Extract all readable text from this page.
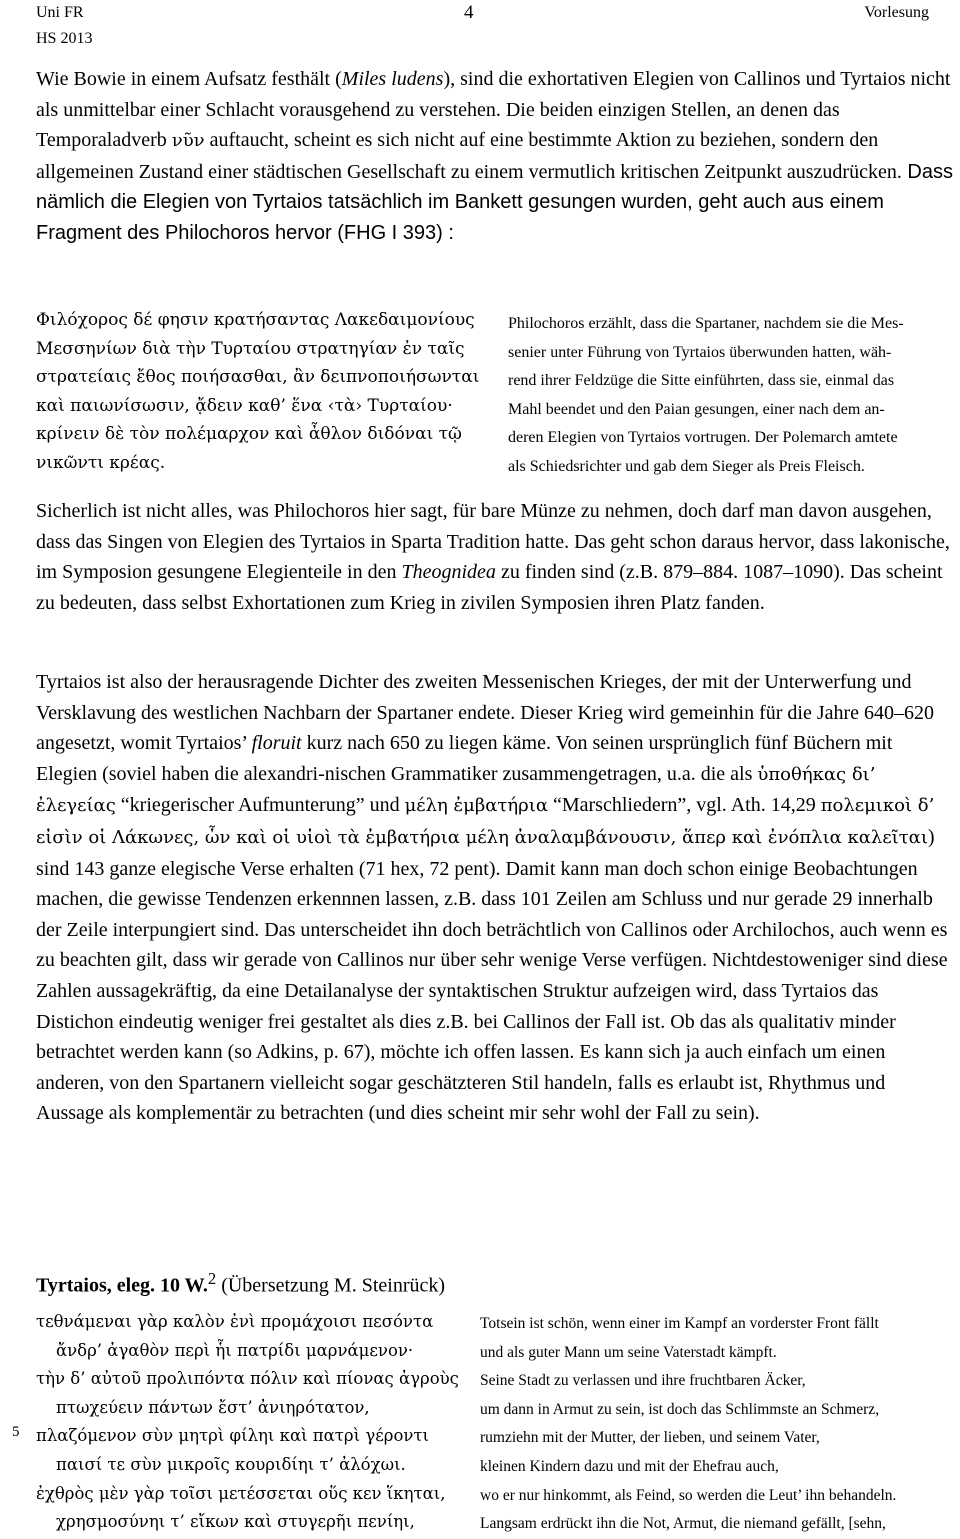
Uni FR
HS 2013
4	Vorlesung

Wie Bowie in einem Aufsatz festhält (Miles ludens), sind die exhortativen Elegien von Callinos und Tyrtaios nicht als unmittelbar einer Schlacht vorausgehend zu verstehen. Die beiden einzigen Stellen, an denen das Temporaladverb νῦν auftaucht, scheint es sich nicht auf eine bestimmte Aktion zu beziehen, sondern den allgemeinen Zustand einer städtischen Gesellschaft zu einem vermutlich kritischen Zeitpunkt auszudrücken. Dass nämlich die Elegien von Tyrtaios tatsächlich im Bankett gesungen wurden, geht auch aus einem Fragment des Philochoros hervor (FHG I 393) :

Φιλόχορος δέ φησιν κρατήσαντας Λακεδαιμονίους
Μεσσηνίων διὰ τὴν Τυρταίου στρατηγίαν ἐν ταῖς
στρατείαις ἔθος ποιήσασθαι, ἂν δειπνοποιήσωνται
καὶ παιωνίσωσιν, ᾄδειν καθ’ ἕνα ‹τὰ› Τυρταίου·
κρίνειν δὲ τὸν πολέμαρχον καὶ ἆθλον διδόναι τῷ
νικῶντι κρέας.
Philochoros erzählt, dass die Spartaner, nachdem sie die Mes-
senier unter Führung von Tyrtaios überwunden hatten, wäh-
rend ihrer Feldzüge die Sitte einführten, dass sie, einmal das
Mahl beendet und den Paian gesungen, einer nach dem an-
deren Elegien von Tyrtaios vortrugen. Der Polemarch amtete
als Schiedsrichter und gab dem Sieger als Preis Fleisch.

Sicherlich ist nicht alles, was Philochoros hier sagt, für bare Münze zu nehmen, doch darf man davon ausgehen, dass das Singen von Elegien des Tyrtaios in Sparta Tradition hatte. Das geht schon daraus hervor, dass lakonische, im Symposion gesungene Elegienteile in den Theognidea zu finden sind (z.B. 879–884. 1087–1090). Das scheint zu bedeuten, dass selbst Exhortationen zum Krieg in zivilen Symposien ihren Platz fanden.

Tyrtaios ist also der herausragende Dichter des zweiten Messenischen Krieges, der mit der Unterwerfung und Versklavung des westlichen Nachbarn der Spartaner endete. Dieser Krieg wird gemeinhin für die Jahre 640–620 angesetzt, womit Tyrtaios’ floruit kurz nach 650 zu liegen käme. Von seinen ursprünglich fünf Büchern mit Elegien (soviel haben die alexandri-nischen Grammatiker zusammengetragen, u.a. die als ὑποθήκας δι’ ἐλεγείας “kriegerischer Aufmunterung” und μέλη ἐμβατήρια “Marschliedern”, vgl. Ath. 14,29 πολεμικοὶ δ’ εἰσὶν οἱ Λάκωνες, ὧν καὶ οἱ υἱοὶ τὰ ἐμβατήρια μέλη ἀναλαμβάνουσιν, ἅπερ καὶ ἐνόπλια καλεῖται) sind 143 ganze elegische Verse erhalten (71 hex, 72 pent). Damit kann man doch schon einige Beobachtungen machen, die gewisse Tendenzen erkennnen lassen, z.B. dass 101 Zeilen am Schluss und nur gerade 29 innerhalb der Zeile interpungiert sind. Das unterscheidet ihn doch beträchtlich von Callinos oder Archilochos, auch wenn es zu beachten gilt, dass wir gerade von Callinos nur über sehr wenige Verse verfügen. Nichtdestoweniger sind diese Zahlen aussagekräftig, da eine Detailanalyse der syntaktischen Struktur aufzeigen wird, dass Tyrtaios das Distichon eindeutig weniger frei gestaltet als dies z.B. bei Callinos der Fall ist. Ob das als qualitativ minder betrachtet werden kann (so Adkins, p. 67), möchte ich offen lassen. Es kann sich ja auch einfach um einen anderen, von den Spartanern vielleicht sogar geschätzteren Stil handeln, falls es erlaubt ist, Rhythmus und Aussage als komplementär zu betrachten (und dies scheint mir sehr wohl der Fall zu sein).

Tyrtaios, eleg. 10 W.$^2$ (Übersetzung M. Steinrück)
5
τεθνάμεναι γὰρ καλὸν ἐνὶ προμάχοισι πεσόντα
ἄνδρ’ ἀγαθὸν περὶ ἧι πατρίδι μαρνάμενον·
τὴν δ’ αὐτοῦ προλιπόντα πόλιν καὶ πίονας ἀγροὺς
πτωχεύειν πάντων ἔστ’ ἀνιηρότατον,
πλαζόμενον σὺν μητρὶ φίληι καὶ πατρὶ γέροντι
παισί τε σὺν μικροῖς κουριδίηι τ’ ἀλόχωι.
ἐχθρὸς μὲν γὰρ τοῖσι μετέσσεται οὕς κεν ἵκηται,
χρησμοσύνηι τ’ εἴκων καὶ στυγερῆι πενίηι,
Totsein ist schön, wenn einer im Kampf an vorderster Front fällt
und als guter Mann um seine Vaterstadt kämpft.
Seine Stadt zu verlassen und ihre fruchtbaren Äcker,
um dann in Armut zu sein, ist doch das Schlimmste an Schmerz,
rumziehn mit der Mutter, der lieben, und seinem Vater,
kleinen Kindern dazu und mit der Ehefrau auch,
wo er nur hinkommt, als Feind, so werden die Leut’ ihn behandeln.
Langsam erdrückt ihn die Not, Armut, die niemand gefällt, [sehn,
